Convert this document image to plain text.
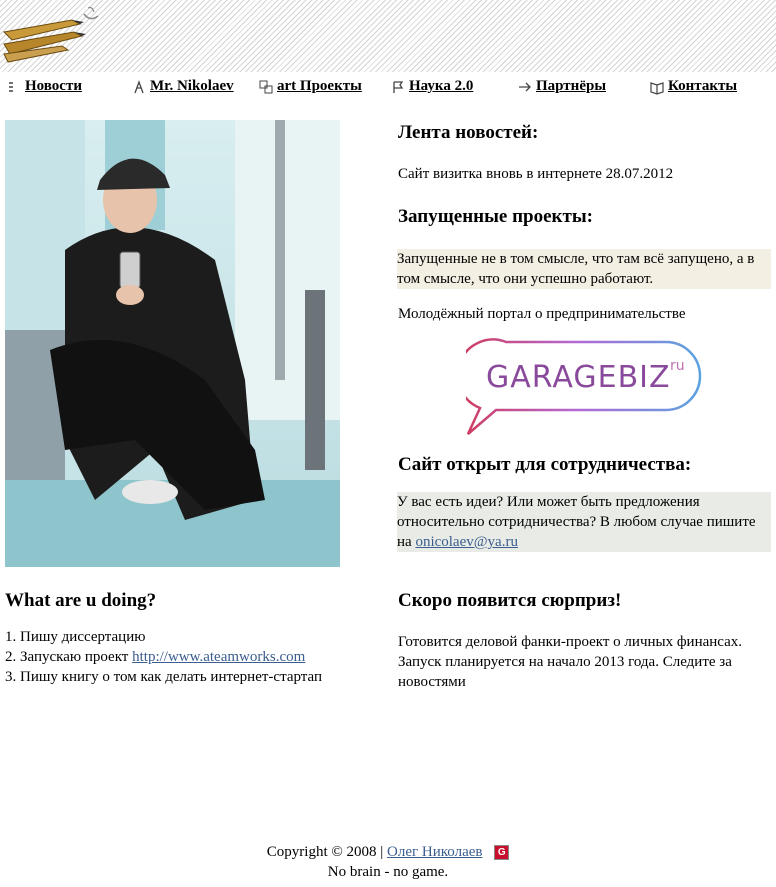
Новости	Mr. Nikolaev	art Проекты	Наука 2.0	Партнёры	Контакты
Лента новостей:
Сайт визитка вновь в интернете 28.07.2012
Запущенные проекты:
Запущенные не в том смысле, что там всё запущено, а в том смысле, что они успешно работают.
Молодёжный портал о предпринимательстве
GARAGEBIZ ru
Сайт открыт для сотрудничества:
У вас есть идеи? Или может быть предложения относительно сотридничества? В любом случае пишите на onicolaev@ya.ru
Скоро появится сюрприз!
Готовится деловой фанки-проект о личных финансах. Запуск планируется на начало 2013 года. Следите за новостями
What are u doing?
1. Пишу диссертацию
2. Запускаю проект http://www.ateamworks.com
3. Пишу книгу о том как делать интернет-стартап
Copyright © 2008 | Олег Николаев G
No brain - no game.
